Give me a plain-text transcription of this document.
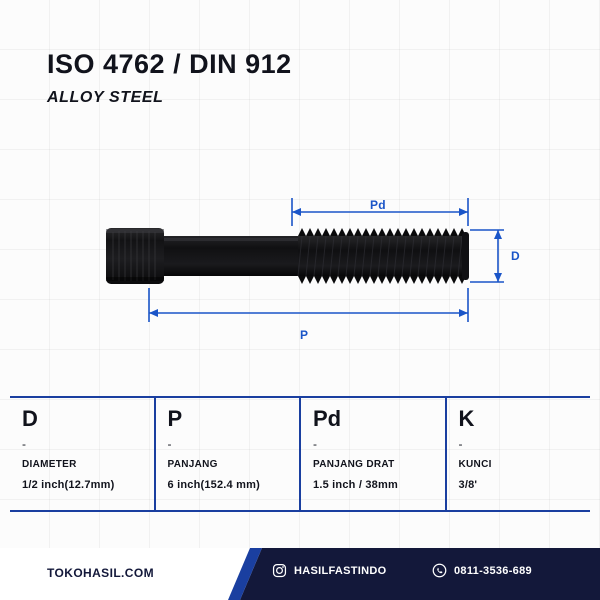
ISO 4762 / DIN 912
ALLOY STEEL
Pd
D
P
D
-
DIAMETER
1/2 inch(12.7mm)
P
-
PANJANG
6 inch(152.4 mm)
Pd
-
PANJANG DRAT
1.5 inch / 38mm
K
-
KUNCI
3/8'
TOKOHASIL.COM	HASILFASTINDO	0811-3536-689
